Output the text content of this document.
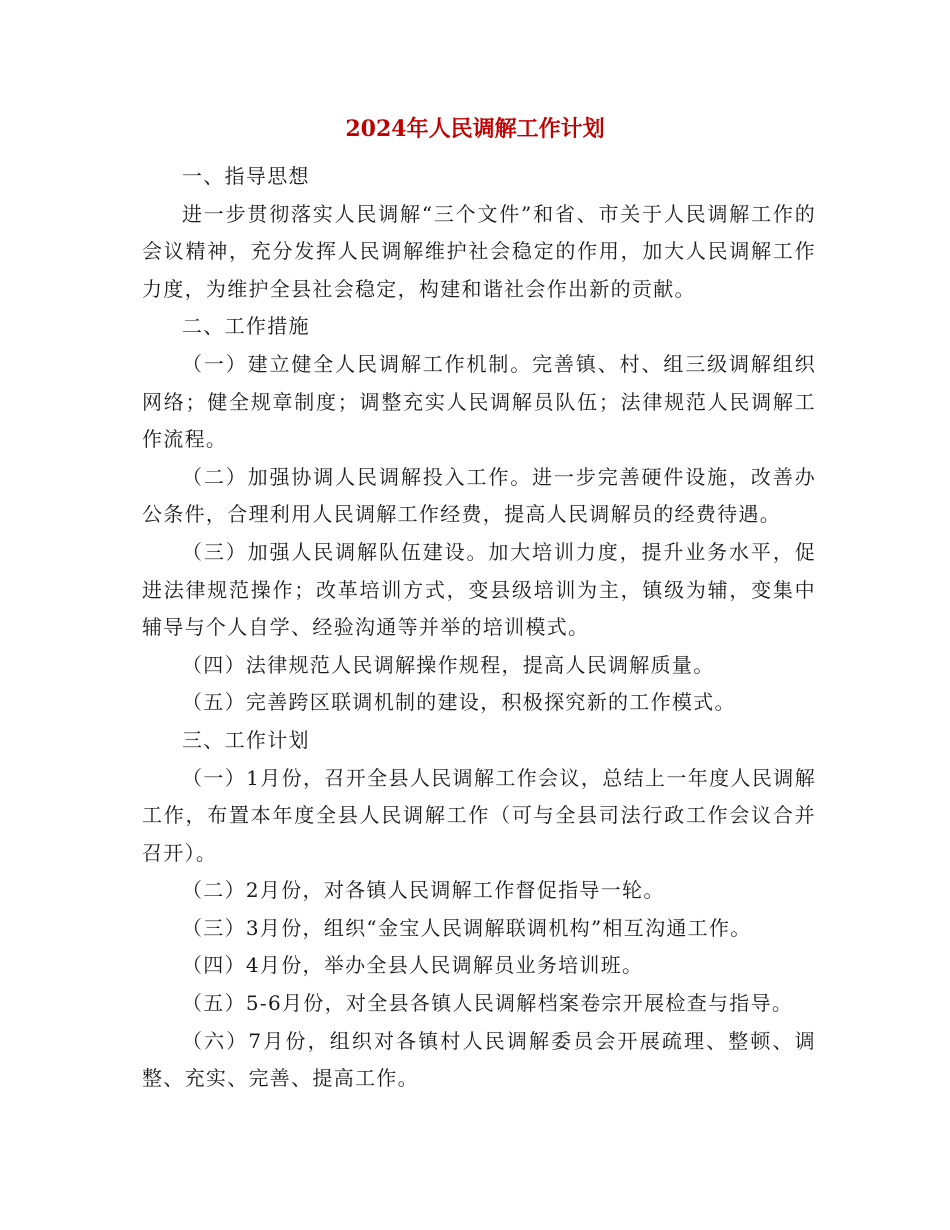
2024年人民调解工作计划

一、指导思想

进一步贯彻落实人民调解“三个文件”和省、市关于人民调解工作的会议精神，充分发挥人民调解维护社会稳定的作用，加大人民调解工作力度，为维护全县社会稳定，构建和谐社会作出新的贡献。

二、工作措施

（一）建立健全人民调解工作机制。完善镇、村、组三级调解组织网络；健全规章制度；调整充实人民调解员队伍；法律规范人民调解工作流程。

（二）加强协调人民调解投入工作。进一步完善硬件设施，改善办公条件，合理利用人民调解工作经费，提高人民调解员的经费待遇。

（三）加强人民调解队伍建设。加大培训力度，提升业务水平，促进法律规范操作；改革培训方式，变县级培训为主，镇级为辅，变集中辅导与个人自学、经验沟通等并举的培训模式。

（四）法律规范人民调解操作规程，提高人民调解质量。

（五）完善跨区联调机制的建设，积极探究新的工作模式。

三、工作计划

（一）1月份，召开全县人民调解工作会议，总结上一年度人民调解工作，布置本年度全县人民调解工作（可与全县司法行政工作会议合并召开）。

（二）2月份，对各镇人民调解工作督促指导一轮。

（三）3月份，组织“金宝人民调解联调机构”相互沟通工作。

（四）4月份，举办全县人民调解员业务培训班。

（五）5-6月份，对全县各镇人民调解档案卷宗开展检查与指导。

（六）7月份，组织对各镇村人民调解委员会开展疏理、整顿、调整、充实、完善、提高工作。
